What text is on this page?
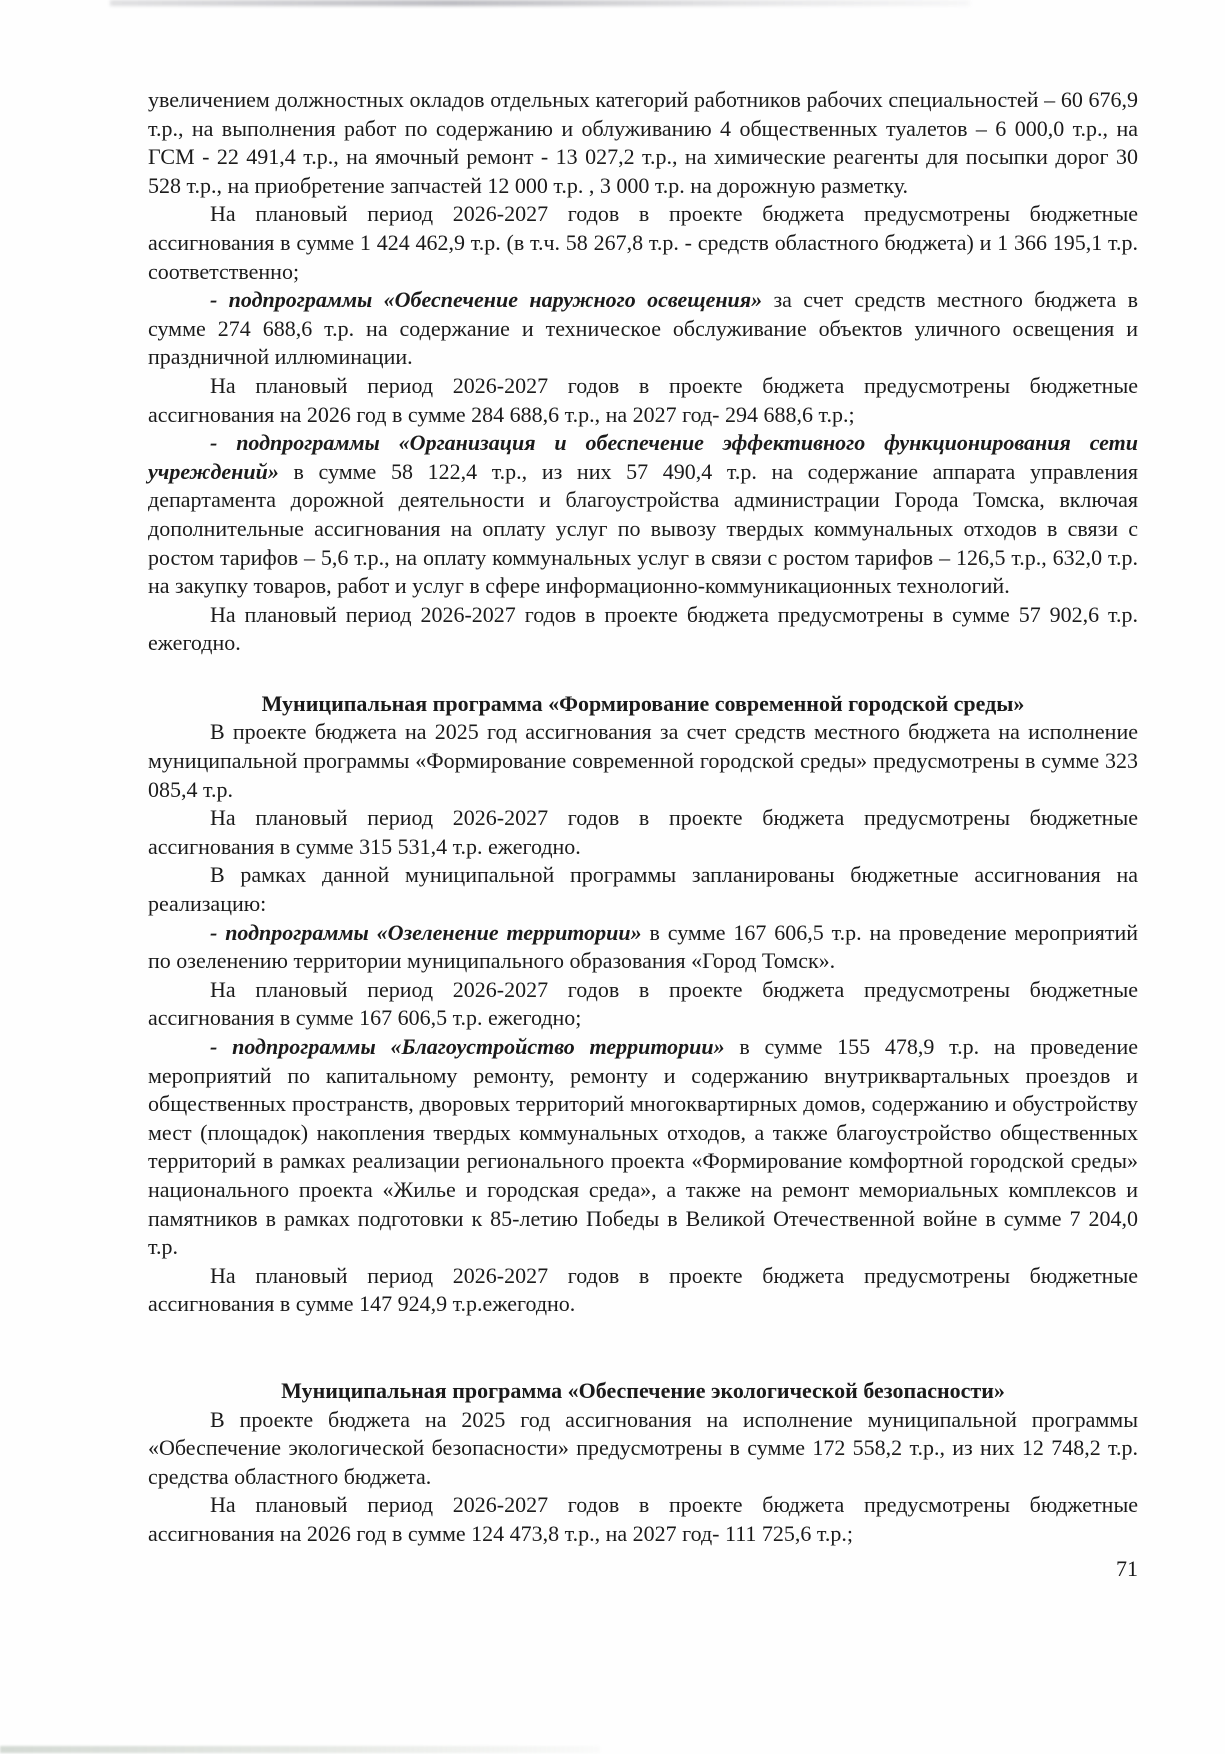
увеличением должностных окладов отдельных категорий работников рабочих специальностей – 60 676,9 т.р., на выполнения работ по содержанию и облуживанию 4 общественных туалетов – 6 000,0 т.р., на ГСМ - 22 491,4 т.р., на ямочный ремонт - 13 027,2 т.р., на химические реагенты для посыпки дорог 30 528 т.р., на приобретение запчастей 12 000 т.р. , 3 000 т.р. на дорожную разметку.

На плановый период 2026-2027 годов в проекте бюджета предусмотрены бюджетные ассигнования в сумме 1 424 462,9 т.р. (в т.ч. 58 267,8 т.р. - средств областного бюджета) и 1 366 195,1 т.р. соответственно;

- подпрограммы «Обеспечение наружного освещения» за счет средств местного бюджета в сумме 274 688,6 т.р. на содержание и техническое обслуживание объектов уличного освещения и праздничной иллюминации.

На плановый период 2026-2027 годов в проекте бюджета предусмотрены бюджетные ассигнования на 2026 год в сумме 284 688,6 т.р., на 2027 год- 294 688,6 т.р.;

- подпрограммы «Организация и обеспечение эффективного функционирования сети учреждений» в сумме 58 122,4 т.р., из них 57 490,4 т.р. на содержание аппарата управления департамента дорожной деятельности и благоустройства администрации Города Томска, включая дополнительные ассигнования на оплату услуг по вывозу твердых коммунальных отходов в связи с ростом тарифов – 5,6 т.р., на оплату коммунальных услуг в связи с ростом тарифов – 126,5 т.р., 632,0 т.р. на закупку товаров, работ и услуг в сфере информационно-коммуникационных технологий.

На плановый период 2026-2027 годов в проекте бюджета предусмотрены в сумме 57 902,6 т.р. ежегодно.

Муниципальная программа «Формирование современной городской среды»

В проекте бюджета на 2025 год ассигнования за счет средств местного бюджета на исполнение муниципальной программы «Формирование современной городской среды» предусмотрены в сумме 323 085,4 т.р.

На плановый период 2026-2027 годов в проекте бюджета предусмотрены бюджетные ассигнования в сумме 315 531,4 т.р. ежегодно.

В рамках данной муниципальной программы запланированы бюджетные ассигнования на реализацию:

- подпрограммы «Озеленение территории» в сумме 167 606,5 т.р. на проведение мероприятий по озеленению территории муниципального образования «Город Томск».

На плановый период 2026-2027 годов в проекте бюджета предусмотрены бюджетные ассигнования в сумме 167 606,5 т.р. ежегодно;

- подпрограммы «Благоустройство территории» в сумме 155 478,9 т.р. на проведение мероприятий по капитальному ремонту, ремонту и содержанию внутриквартальных проездов и общественных пространств, дворовых территорий многоквартирных домов, содержанию и обустройству мест (площадок) накопления твердых коммунальных отходов, а также благоустройство общественных территорий в рамках реализации регионального проекта «Формирование комфортной городской среды» национального проекта «Жилье и городская среда», а также на ремонт мемориальных комплексов и памятников в рамках подготовки к 85-летию Победы в Великой Отечественной войне в сумме 7 204,0 т.р.

На плановый период 2026-2027 годов в проекте бюджета предусмотрены бюджетные ассигнования в сумме 147 924,9 т.р.ежегодно.

Муниципальная программа «Обеспечение экологической безопасности»

В проекте бюджета на 2025 год ассигнования на исполнение муниципальной программы «Обеспечение экологической безопасности» предусмотрены в сумме 172 558,2 т.р., из них 12 748,2 т.р. средства областного бюджета.

На плановый период 2026-2027 годов в проекте бюджета предусмотрены бюджетные ассигнования на 2026 год в сумме 124 473,8 т.р., на 2027 год- 111 725,6 т.р.;

71
